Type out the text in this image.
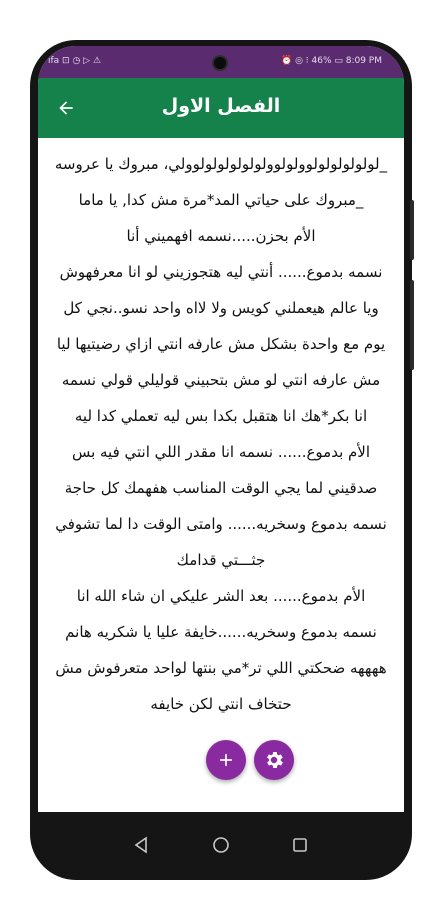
ifa ⊡ ◷ ▷ ⚠	⏰ ◎ ⁝ 46% ▭ 8:09 PM
الفصل الاول

_لولولولولولوولولوولولولولولولوولي، مبروك يا عروسه

_مبروك على حياتي المد*مرة مش كدا, يا ماما

الأم بحزن.....نسمه افهميني أنا

نسمه بدموع...... أنتي ليه هتجوزيني لو انا معرفهوش ويا عالم هيعملني كويس ولا لااه واحد نسو..نجي كل يوم مع واحدة بشكل مش عارفه انتي ازاي رضيتيها ليا مش عارفه انتي لو مش بتحبيني قوليلي قولي نسمه انا بكر*هك انا هتقبل بكدا بس ليه تعملي كدا ليه

الأم بدموع...... نسمه انا مقدر اللي انتي فيه بس صدقيني لما يجي الوقت المناسب هفهمك كل حاجة

نسمه بدموع وسخريه...... وامتى الوقت دا لما تشوفي جثـــتي قدامك

الأم بدموع...... بعد الشر عليكي ان شاء الله انا

نسمه بدموع وسخريه......خايفة عليا يا شكريه هانم ههههه ضحكتي اللي تر*مي بنتها لواحد متعرفوش مش حتخاف انتي لكن خايفه
